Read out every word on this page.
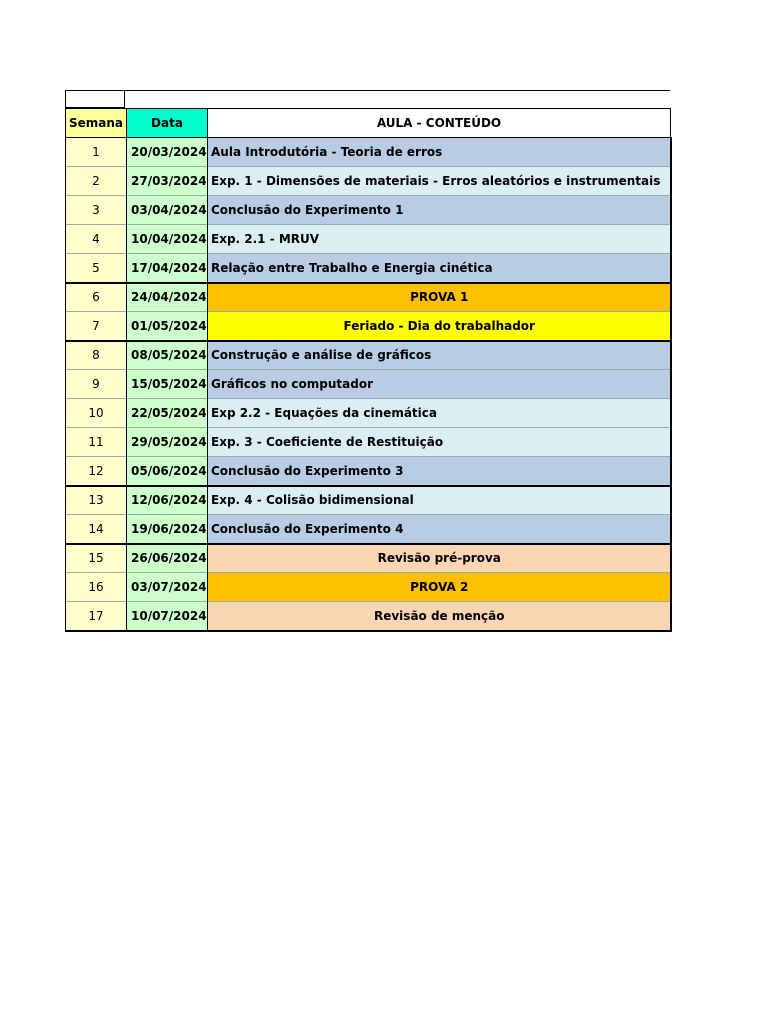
Semana	Data	AULA - CONTEÚDO
1	20/03/2024	Aula Introdutória - Teoria de erros
2	27/03/2024	Exp. 1 - Dimensões de materiais - Erros aleatórios e instrumentais
3	03/04/2024	Conclusão do Experimento 1
4	10/04/2024	Exp. 2.1 - MRUV
5	17/04/2024	Relação entre Trabalho e Energia cinética
6	24/04/2024	PROVA 1
7	01/05/2024	Feriado - Dia do trabalhador
8	08/05/2024	Construção e análise de gráficos
9	15/05/2024	Gráficos no computador
10	22/05/2024	Exp 2.2 - Equações da cinemática
11	29/05/2024	Exp. 3 - Coeficiente de Restituição
12	05/06/2024	Conclusão do Experimento 3
13	12/06/2024	Exp. 4 - Colisão bidimensional
14	19/06/2024	Conclusão do Experimento 4
15	26/06/2024	Revisão pré-prova
16	03/07/2024	PROVA 2
17	10/07/2024	Revisão de menção
